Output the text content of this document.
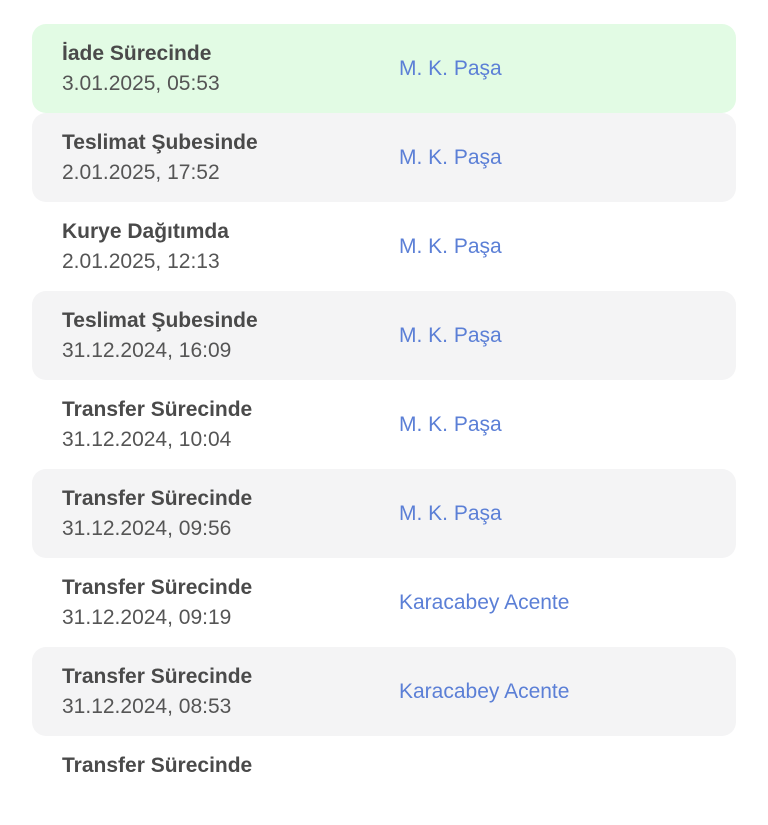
İade Sürecinde
3.01.2025, 05:53
M. K. Paşa
Teslimat Şubesinde
2.01.2025, 17:52
M. K. Paşa
Kurye Dağıtımda
2.01.2025, 12:13
M. K. Paşa
Teslimat Şubesinde
31.12.2024, 16:09
M. K. Paşa
Transfer Sürecinde
31.12.2024, 10:04
M. K. Paşa
Transfer Sürecinde
31.12.2024, 09:56
M. K. Paşa
Transfer Sürecinde
31.12.2024, 09:19
Karacabey Acente
Transfer Sürecinde
31.12.2024, 08:53
Karacabey Acente
Transfer Sürecinde
